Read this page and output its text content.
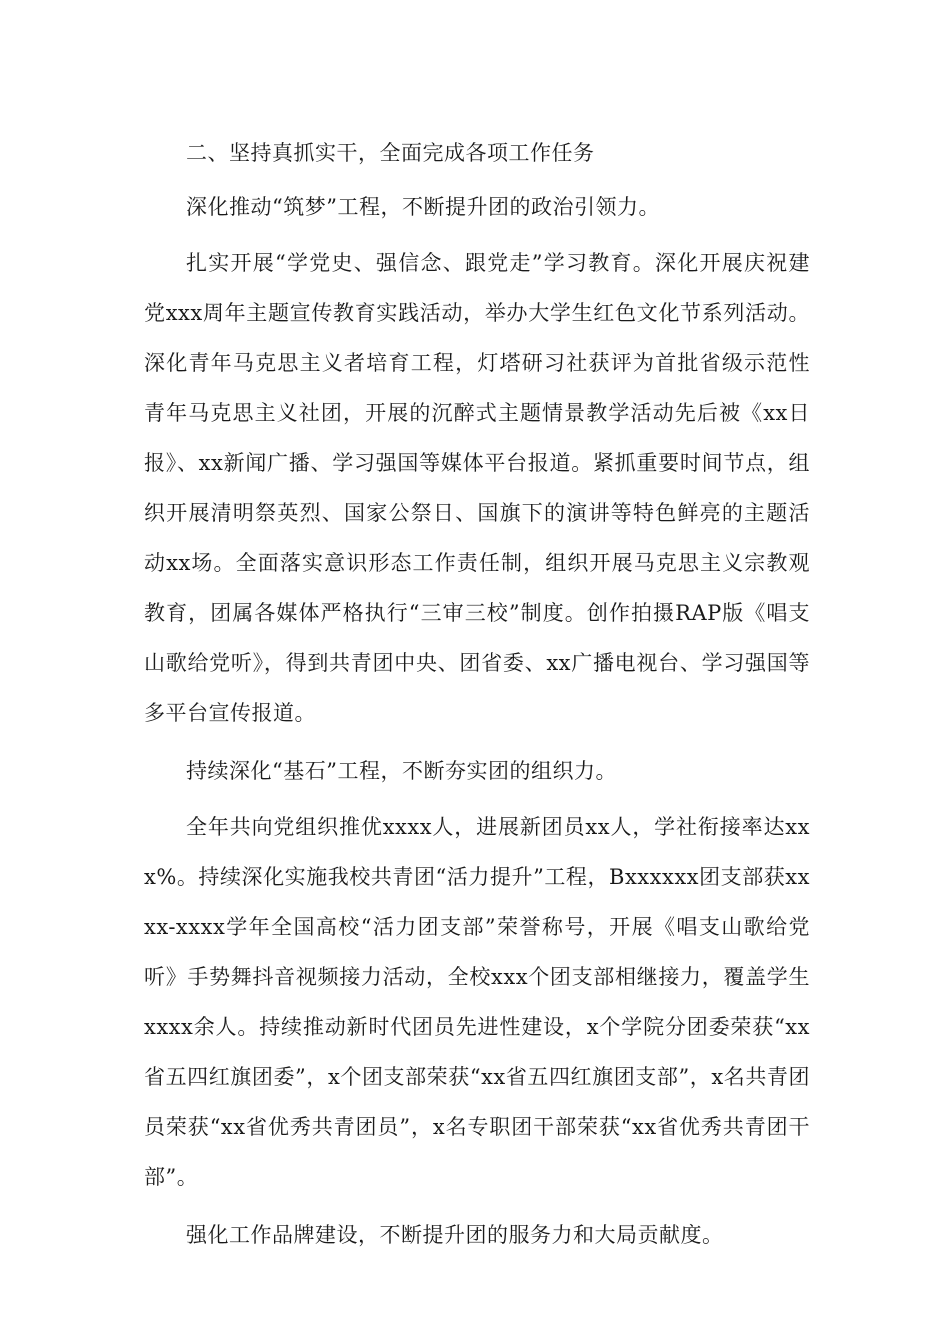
二、坚持真抓实干，全面完成各项工作任务

深化推动“筑梦”工程，不断提升团的政治引领力。

扎实开展“学党史、强信念、跟党走”学习教育。深化开展庆祝建党xxx周年主题宣传教育实践活动，举办大学生红色文化节系列活动。深化青年马克思主义者培育工程，灯塔研习社获评为首批省级示范性青年马克思主义社团，开展的沉醉式主题情景教学活动先后被《xx日报》、xx新闻广播、学习强国等媒体平台报道。紧抓重要时间节点，组织开展清明祭英烈、国家公祭日、国旗下的演讲等特色鲜亮的主题活动xx场。全面落实意识形态工作责任制，组织开展马克思主义宗教观教育，团属各媒体严格执行“三审三校”制度。创作拍摄RAP版《唱支山歌给党听》，得到共青团中央、团省委、xx广播电视台、学习强国等多平台宣传报道。

持续深化“基石”工程，不断夯实团的组织力。

全年共向党组织推优xxxx人，进展新团员xx人，学社衔接率达xxx%。持续深化实施我校共青团“活力提升”工程，Bxxxxxx团支部获xxxx-xxxx学年全国高校“活力团支部”荣誉称号，开展《唱支山歌给党听》手势舞抖音视频接力活动，全校xxx个团支部相继接力，覆盖学生xxxx余人。持续推动新时代团员先进性建设，x个学院分团委荣获“xx省五四红旗团委”，x个团支部荣获“xx省五四红旗团支部”，x名共青团员荣获“xx省优秀共青团员”，x名专职团干部荣获“xx省优秀共青团干部”。

强化工作品牌建设，不断提升团的服务力和大局贡献度。
